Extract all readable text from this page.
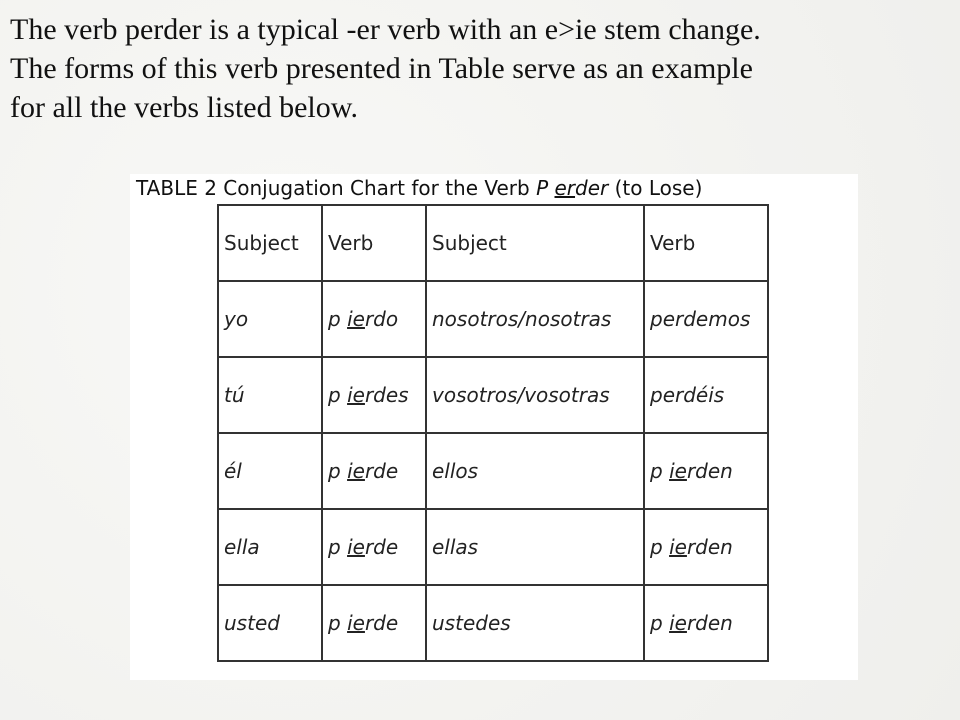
The verb perder is a typical -er verb with an e>ie stem change.
The forms of this verb presented in Table serve as an example
for all the verbs listed below.

TABLE 2 Conjugation Chart for the Verb P erder (to Lose)
Subject	Verb	Subject	Verb
yo	p ierdo	nosotros/nosotras	perdemos
tú	p ierdes	vosotros/vosotras	perdéis
él	p ierde	ellos	p ierden
ella	p ierde	ellas	p ierden
usted	p ierde	ustedes	p ierden
